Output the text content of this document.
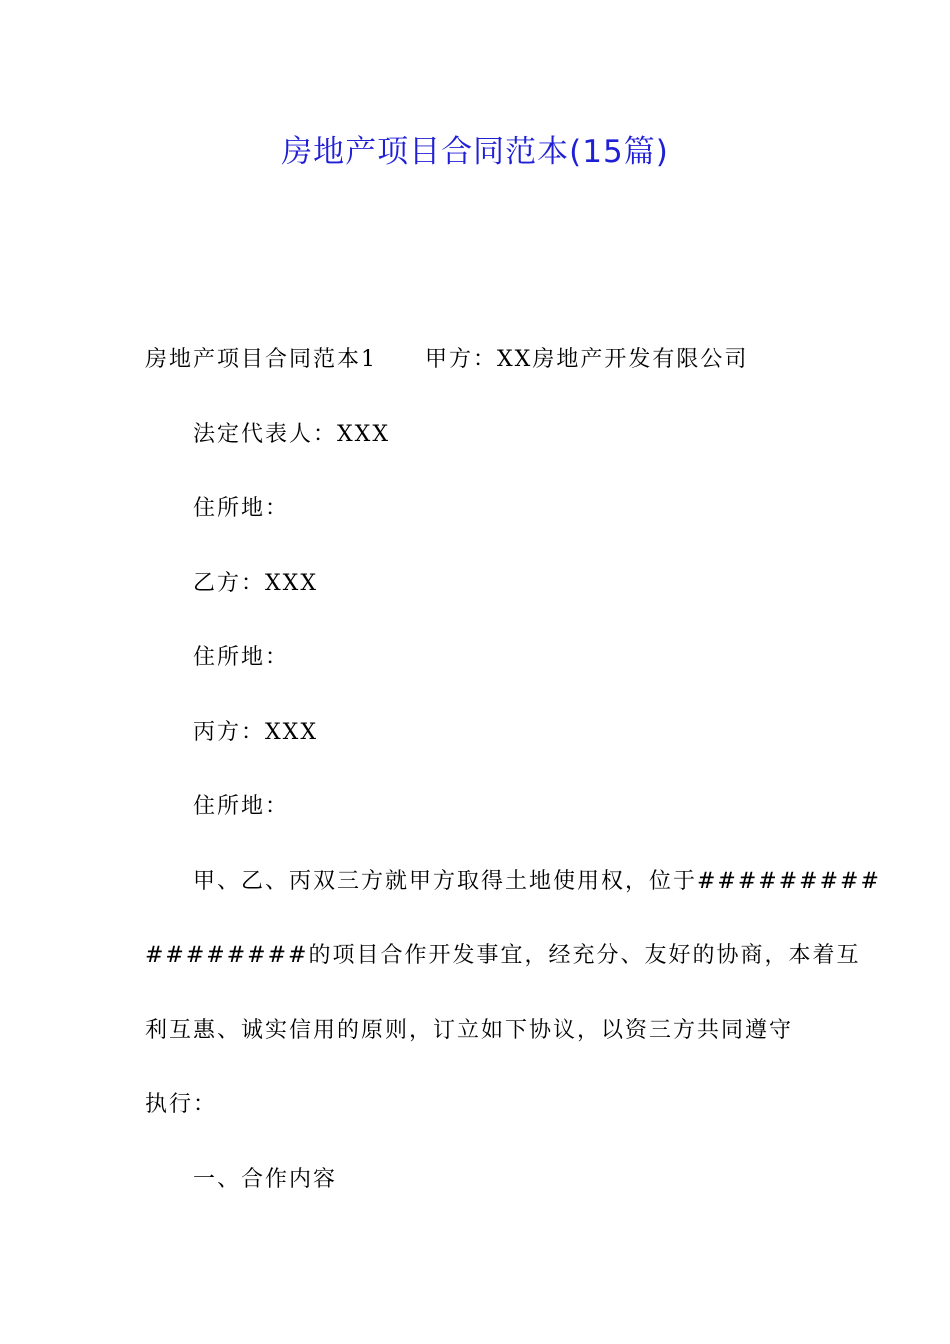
房地产项目合同范本(15篇)
房地产项目合同范本1 甲方：XX房地产开发有限公司
法定代表人：XXX
住所地：
乙方：XXX
住所地：
丙方：XXX
住所地：
甲、乙、丙双三方就甲方取得土地使用权，位于#########
########的项目合作开发事宜，经充分、友好的协商，本着互
利互惠、诚实信用的原则，订立如下协议，以资三方共同遵守
执行：
一、合作内容
